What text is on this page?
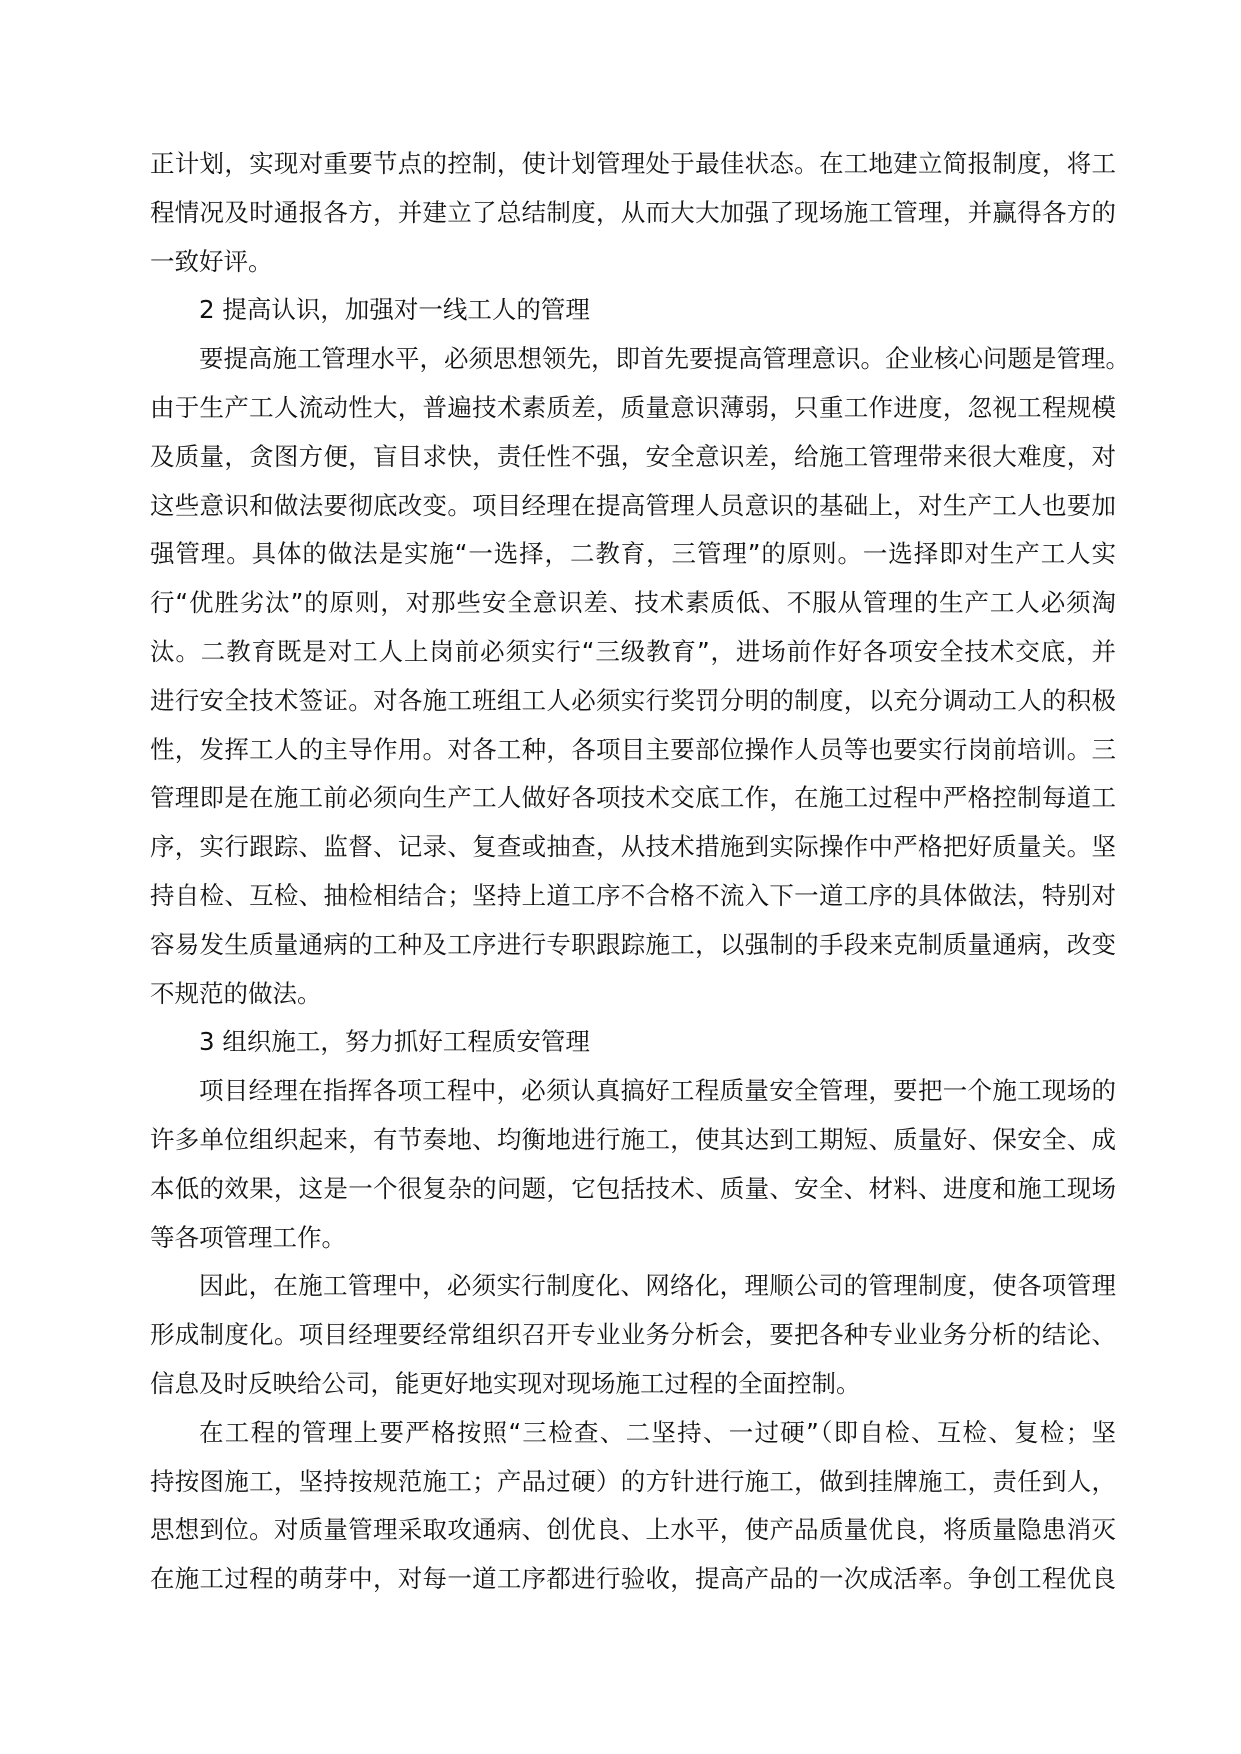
正计划，实现对重要节点的控制，使计划管理处于最佳状态。在工地建立简报制度，将工
程情况及时通报各方，并建立了总结制度，从而大大加强了现场施工管理，并赢得各方的
一致好评。

2 提高认识，加强对一线工人的管理

要提高施工管理水平，必须思想领先，即首先要提高管理意识。企业核心问题是管理。
由于生产工人流动性大，普遍技术素质差，质量意识薄弱，只重工作进度，忽视工程规模
及质量，贪图方便，盲目求快，责任性不强，安全意识差，给施工管理带来很大难度，对
这些意识和做法要彻底改变。项目经理在提高管理人员意识的基础上，对生产工人也要加
强管理。具体的做法是实施“一选择，二教育，三管理”的原则。一选择即对生产工人实
行“优胜劣汰”的原则，对那些安全意识差、技术素质低、不服从管理的生产工人必须淘
汰。二教育既是对工人上岗前必须实行“三级教育”，进场前作好各项安全技术交底，并
进行安全技术签证。对各施工班组工人必须实行奖罚分明的制度，以充分调动工人的积极
性，发挥工人的主导作用。对各工种，各项目主要部位操作人员等也要实行岗前培训。三
管理即是在施工前必须向生产工人做好各项技术交底工作，在施工过程中严格控制每道工
序，实行跟踪、监督、记录、复查或抽查，从技术措施到实际操作中严格把好质量关。坚
持自检、互检、抽检相结合；坚持上道工序不合格不流入下一道工序的具体做法，特别对
容易发生质量通病的工种及工序进行专职跟踪施工，以强制的手段来克制质量通病，改变
不规范的做法。

3 组织施工，努力抓好工程质安管理

项目经理在指挥各项工程中，必须认真搞好工程质量安全管理，要把一个施工现场的
许多单位组织起来，有节奏地、均衡地进行施工，使其达到工期短、质量好、保安全、成
本低的效果，这是一个很复杂的问题，它包括技术、质量、安全、材料、进度和施工现场
等各项管理工作。

因此，在施工管理中，必须实行制度化、网络化，理顺公司的管理制度，使各项管理
形成制度化。项目经理要经常组织召开专业业务分析会，要把各种专业业务分析的结论、
信息及时反映给公司，能更好地实现对现场施工过程的全面控制。

在工程的管理上要严格按照“三检查、二坚持、一过硬”（即自检、互检、复检；坚
持按图施工，坚持按规范施工；产品过硬）的方针进行施工，做到挂牌施工，责任到人，
思想到位。对质量管理采取攻通病、创优良、上水平，使产品质量优良，将质量隐患消灭
在施工过程的萌芽中，对每一道工序都进行验收，提高产品的一次成活率。争创工程优良
